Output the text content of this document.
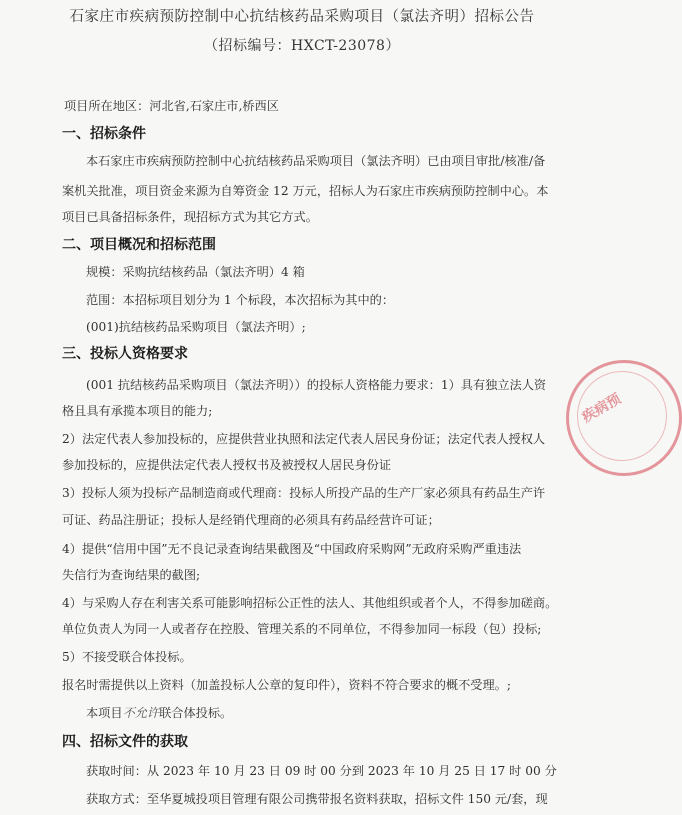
石家庄市疾病预防控制中心抗结核药品采购项目（氯法齐明）招标公告
（招标编号：HXCT-23078）
项目所在地区：河北省,石家庄市,桥西区
一、招标条件
本石家庄市疾病预防控制中心抗结核药品采购项目（氯法齐明）已由项目审批/核准/备
案机关批准，项目资金来源为自筹资金 12 万元，招标人为石家庄市疾病预防控制中心。本
项目已具备招标条件，现招标方式为其它方式。
二、项目概况和招标范围
规模：采购抗结核药品（氯法齐明）4 箱
范围：本招标项目划分为 1 个标段，本次招标为其中的：
(001)抗结核药品采购项目（氯法齐明）;
三、投标人资格要求
(001 抗结核药品采购项目（氯法齐明））的投标人资格能力要求：1）具有独立法人资
格且具有承揽本项目的能力;
2）法定代表人参加投标的，应提供营业执照和法定代表人居民身份证；法定代表人授权人
参加投标的，应提供法定代表人授权书及被授权人居民身份证
3）投标人须为投标产品制造商或代理商：投标人所投产品的生产厂家必须具有药品生产许
可证、药品注册证；投标人是经销代理商的必须具有药品经营许可证；
4）提供“信用中国”无不良记录查询结果截图及“中国政府采购网”无政府采购严重违法
失信行为查询结果的截图;
4）与采购人存在利害关系可能影响招标公正性的法人、其他组织或者个人，不得参加磋商。
单位负责人为同一人或者存在控股、管理关系的不同单位，不得参加同一标段（包）投标;
5）不接受联合体投标。
报名时需提供以上资料（加盖投标人公章的复印件），资料不符合要求的概不受理。;
本项目不允许联合体投标。
四、招标文件的获取
获取时间：从 2023 年 10 月 23 日 09 时 00 分到 2023 年 10 月 25 日 17 时 00 分
获取方式：至华夏城投项目管理有限公司携带报名资料获取，招标文件 150 元/套，现
疾病预
